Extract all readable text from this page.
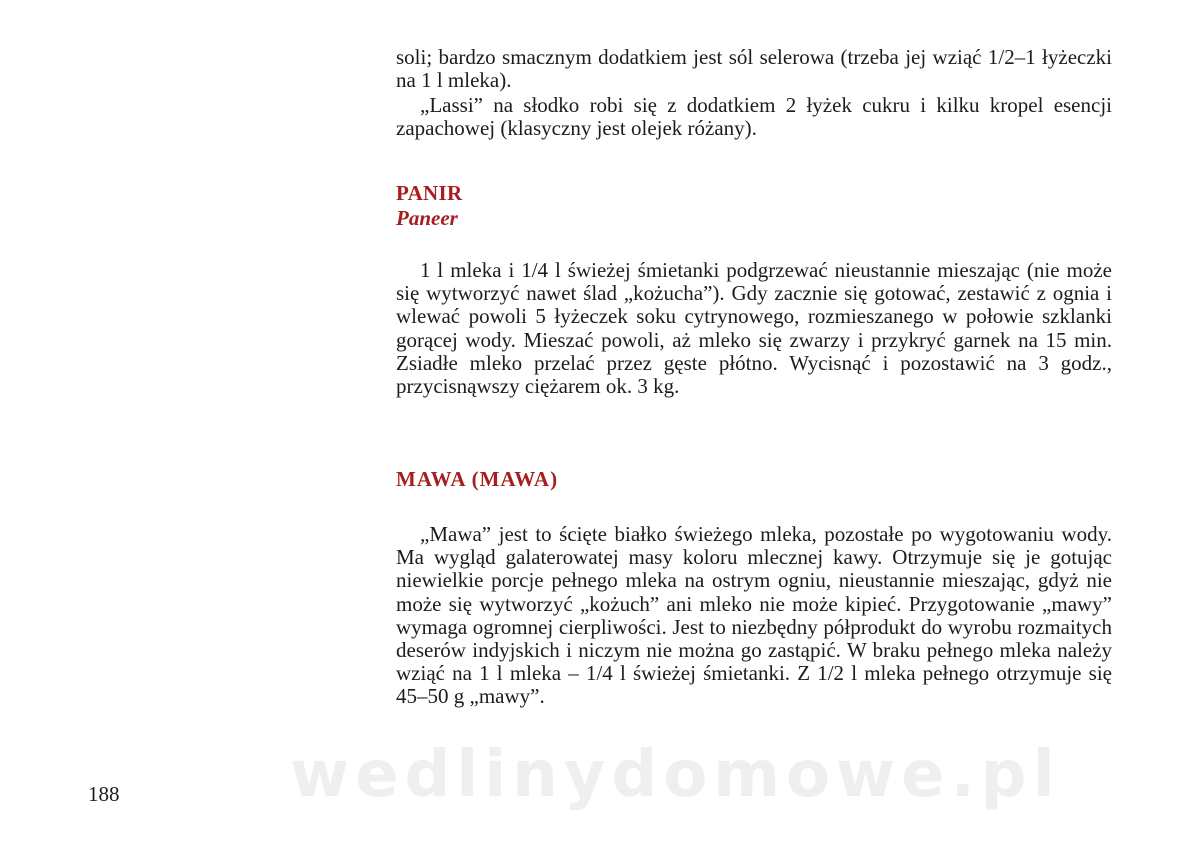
soli; bardzo smacznym dodatkiem jest sól selerowa (trzeba jej wziąć 1/2–1 łyżeczki na 1 l mleka).

„Lassi” na słodko robi się z dodatkiem 2 łyżek cukru i kilku kropel esencji zapachowej (klasyczny jest olejek różany).

PANIR
Paneer

1 l mleka i 1/4 l świeżej śmietanki podgrzewać nieustannie mieszając (nie może się wytworzyć nawet ślad „kożucha”). Gdy zacznie się gotować, zestawić z ognia i wlewać powoli 5 łyżeczek soku cytrynowego, rozmieszanego w połowie szklanki gorącej wody. Mieszać powoli, aż mleko się zwarzy i przykryć garnek na 15 min. Zsiadłe mleko przelać przez gęste płótno. Wycisnąć i pozostawić na 3 godz., przycisnąwszy ciężarem ok. 3 kg.

MAWA (MAWA)

„Mawa” jest to ścięte białko świeżego mleka, pozostałe po wygotowaniu wody. Ma wygląd galaterowatej masy koloru mlecznej kawy. Otrzymuje się je gotując niewielkie porcje pełnego mleka na ostrym ogniu, nieustannie mieszając, gdyż nie może się wytworzyć „kożuch” ani mleko nie może kipieć. Przygotowanie „mawy” wymaga ogromnej cierpliwości. Jest to niezbędny półprodukt do wyrobu rozmaitych deserów indyjskich i niczym nie można go zastąpić. W braku pełnego mleka należy wziąć na 1 l mleka – 1/4 l świeżej śmietanki. Z 1/2 l mleka pełnego otrzymuje się 45–50 g „mawy”.

wedlinydomowe.pl
188
